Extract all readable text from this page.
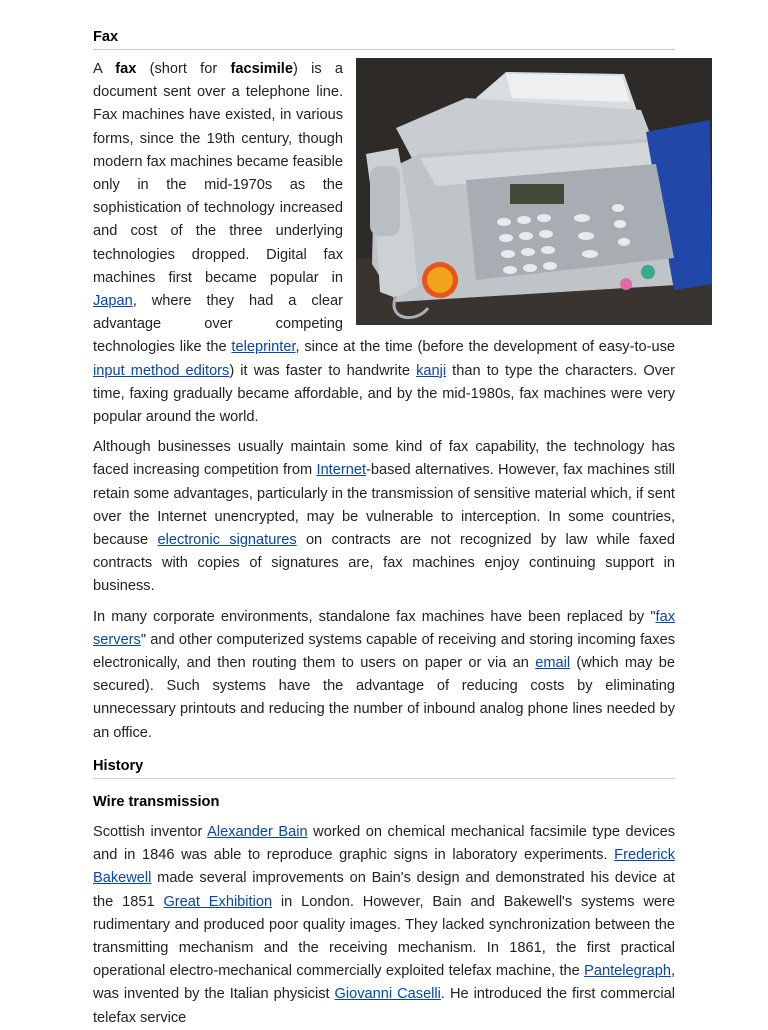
Fax

A fax (short for facsimile) is a document sent over a telephone line. Fax machines have existed, in various forms, since the 19th century, though modern fax machines became feasible only in the mid-1970s as the sophistication of technology increased and cost of the three underlying technologies dropped. Digital fax machines first became popular in Japan, where they had a clear advantage over competing technologies like the teleprinter, since at the time (before the development of easy-to-use input method editors) it was faster to handwrite kanji than to type the characters. Over time, faxing gradually became affordable, and by the mid-1980s, fax machines were very popular around the world.

Although businesses usually maintain some kind of fax capability, the technology has faced increasing competition from Internet-based alternatives. However, fax machines still retain some advantages, particularly in the transmission of sensitive material which, if sent over the Internet unencrypted, may be vulnerable to interception. In some countries, because electronic signatures on contracts are not recognized by law while faxed contracts with copies of signatures are, fax machines enjoy continuing support in business.

In many corporate environments, standalone fax machines have been replaced by "fax servers" and other computerized systems capable of receiving and storing incoming faxes electronically, and then routing them to users on paper or via an email (which may be secured). Such systems have the advantage of reducing costs by eliminating unnecessary printouts and reducing the number of inbound analog phone lines needed by an office.

History
Wire transmission

Scottish inventor Alexander Bain worked on chemical mechanical facsimile type devices and in 1846 was able to reproduce graphic signs in laboratory experiments. Frederick Bakewell made several improvements on Bain's design and demonstrated his device at the 1851 Great Exhibition in London. However, Bain and Bakewell's systems were rudimentary and produced poor quality images. They lacked synchronization between the transmitting mechanism and the receiving mechanism. In 1861, the first practical operational electro-mechanical commercially exploited telefax machine, the Pantelegraph, was invented by the Italian physicist Giovanni Caselli. He introduced the first commercial telefax service
